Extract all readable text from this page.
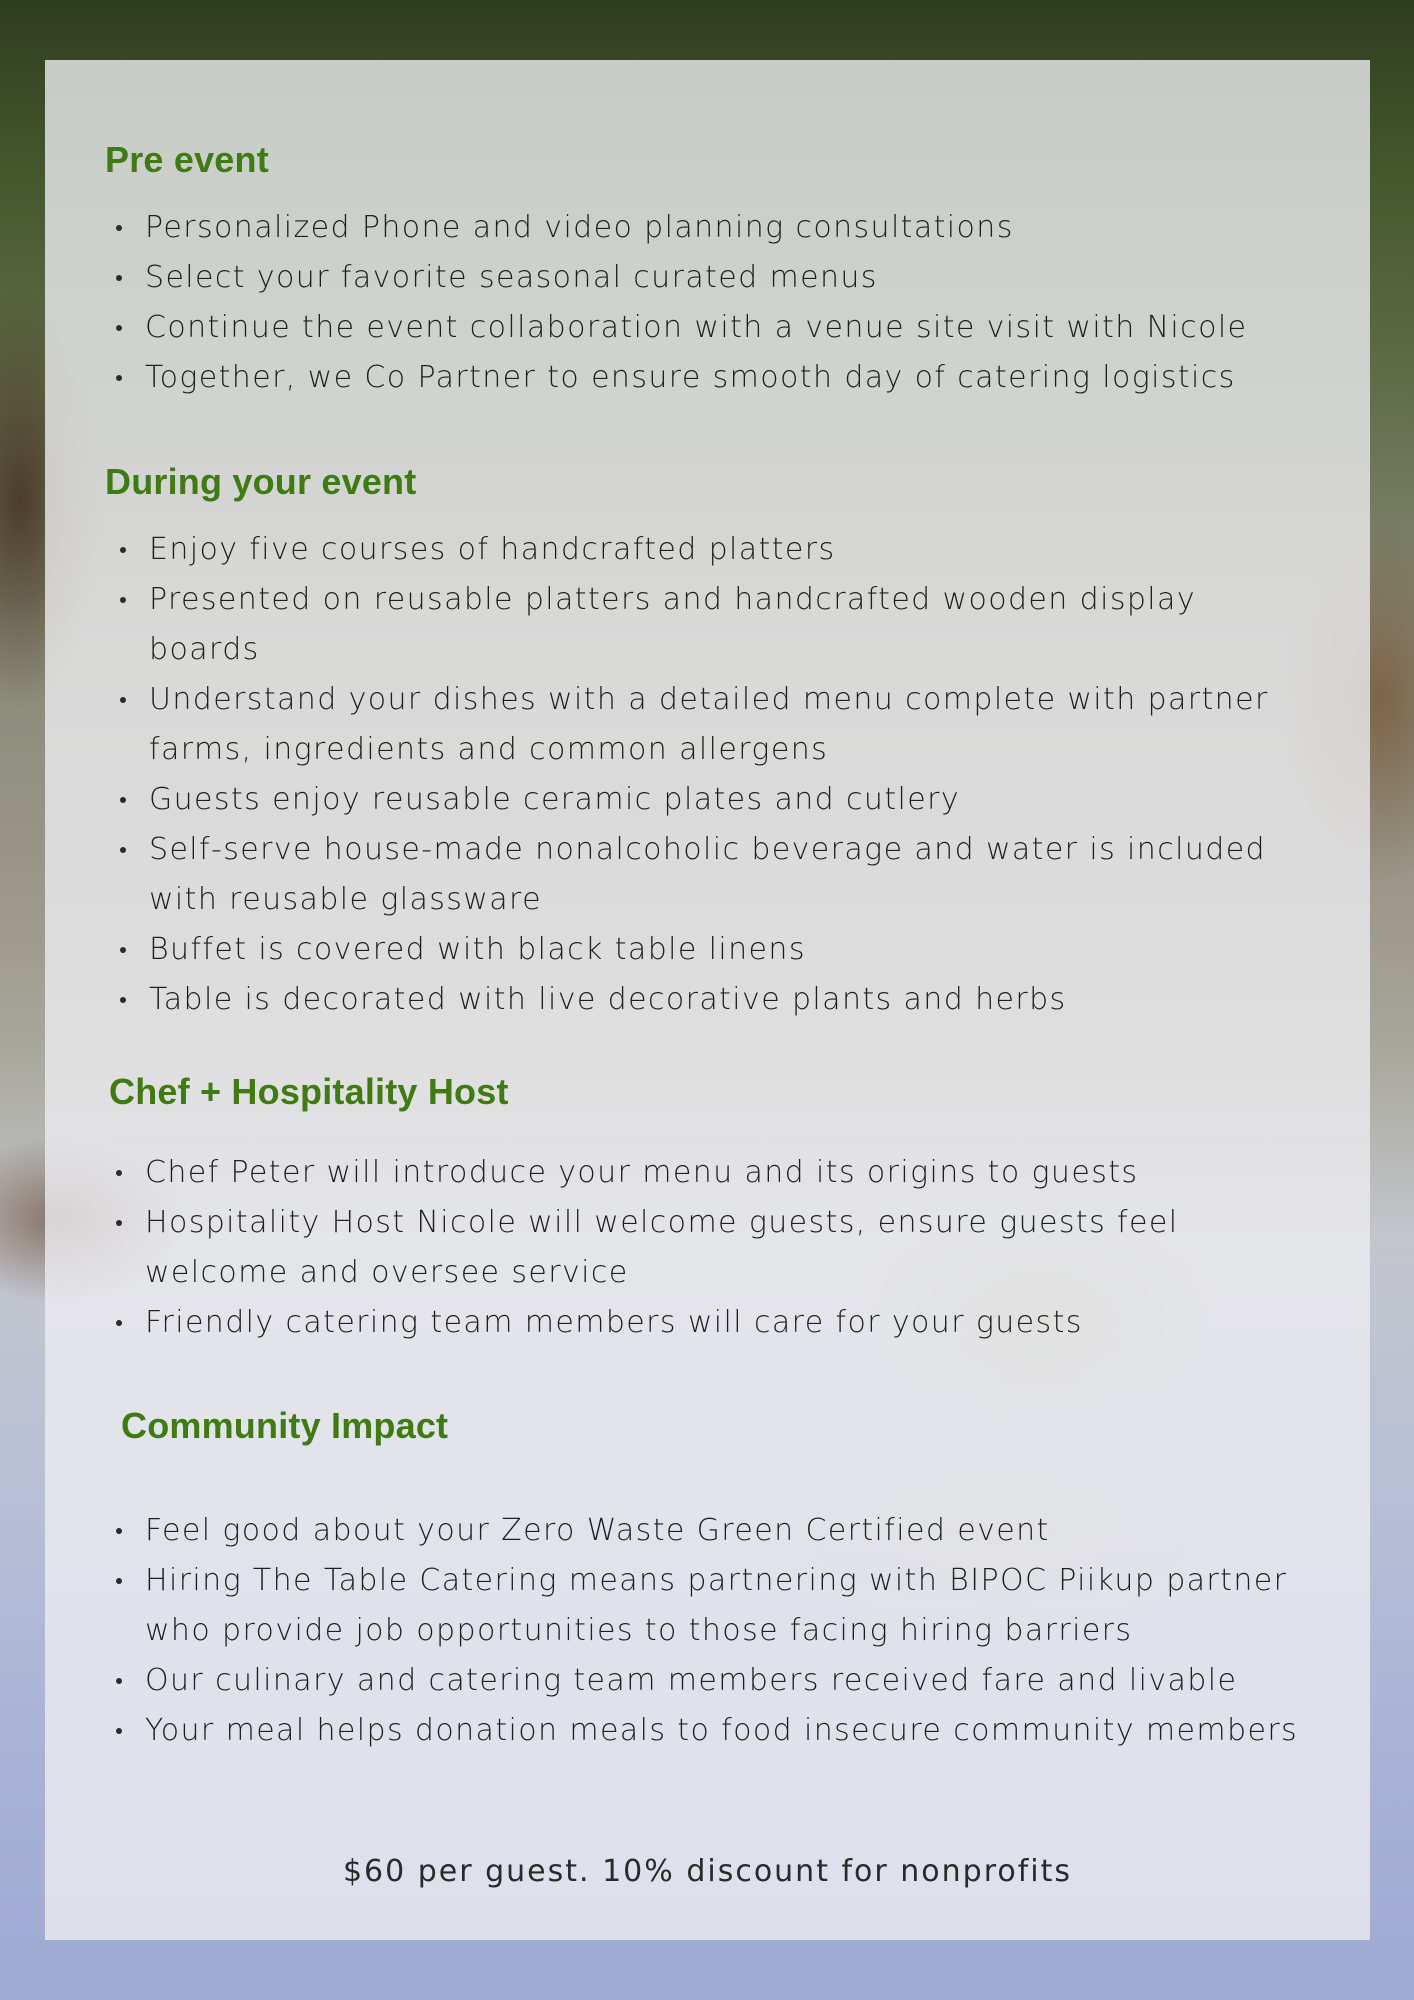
Pre event
Personalized Phone and video planning consultations
Select your favorite seasonal curated menus
Continue the event collaboration with a venue site visit with Nicole
Together, we Co Partner to ensure smooth day of catering logistics
During your event
Enjoy five courses of handcrafted platters
Presented on reusable platters and handcrafted wooden display boards
Understand your dishes with a detailed menu complete with partner farms, ingredients and common allergens
Guests enjoy reusable ceramic plates and cutlery
Self-serve house-made nonalcoholic beverage and water is included with reusable glassware
Buffet is covered with black table linens
Table is decorated with live decorative plants and herbs
Chef + Hospitality Host
Chef Peter will introduce your menu and its origins to guests
Hospitality Host Nicole will welcome guests, ensure guests feel welcome and oversee service
Friendly catering team members will care for your guests
Community Impact
Feel good about your Zero Waste Green Certified event
Hiring The Table Catering means partnering with BIPOC Piikup partner who provide job opportunities to those facing hiring barriers
Our culinary and catering team members received fare and livable
Your meal helps donation meals to food insecure community members
$60 per guest. 10% discount for nonprofits
